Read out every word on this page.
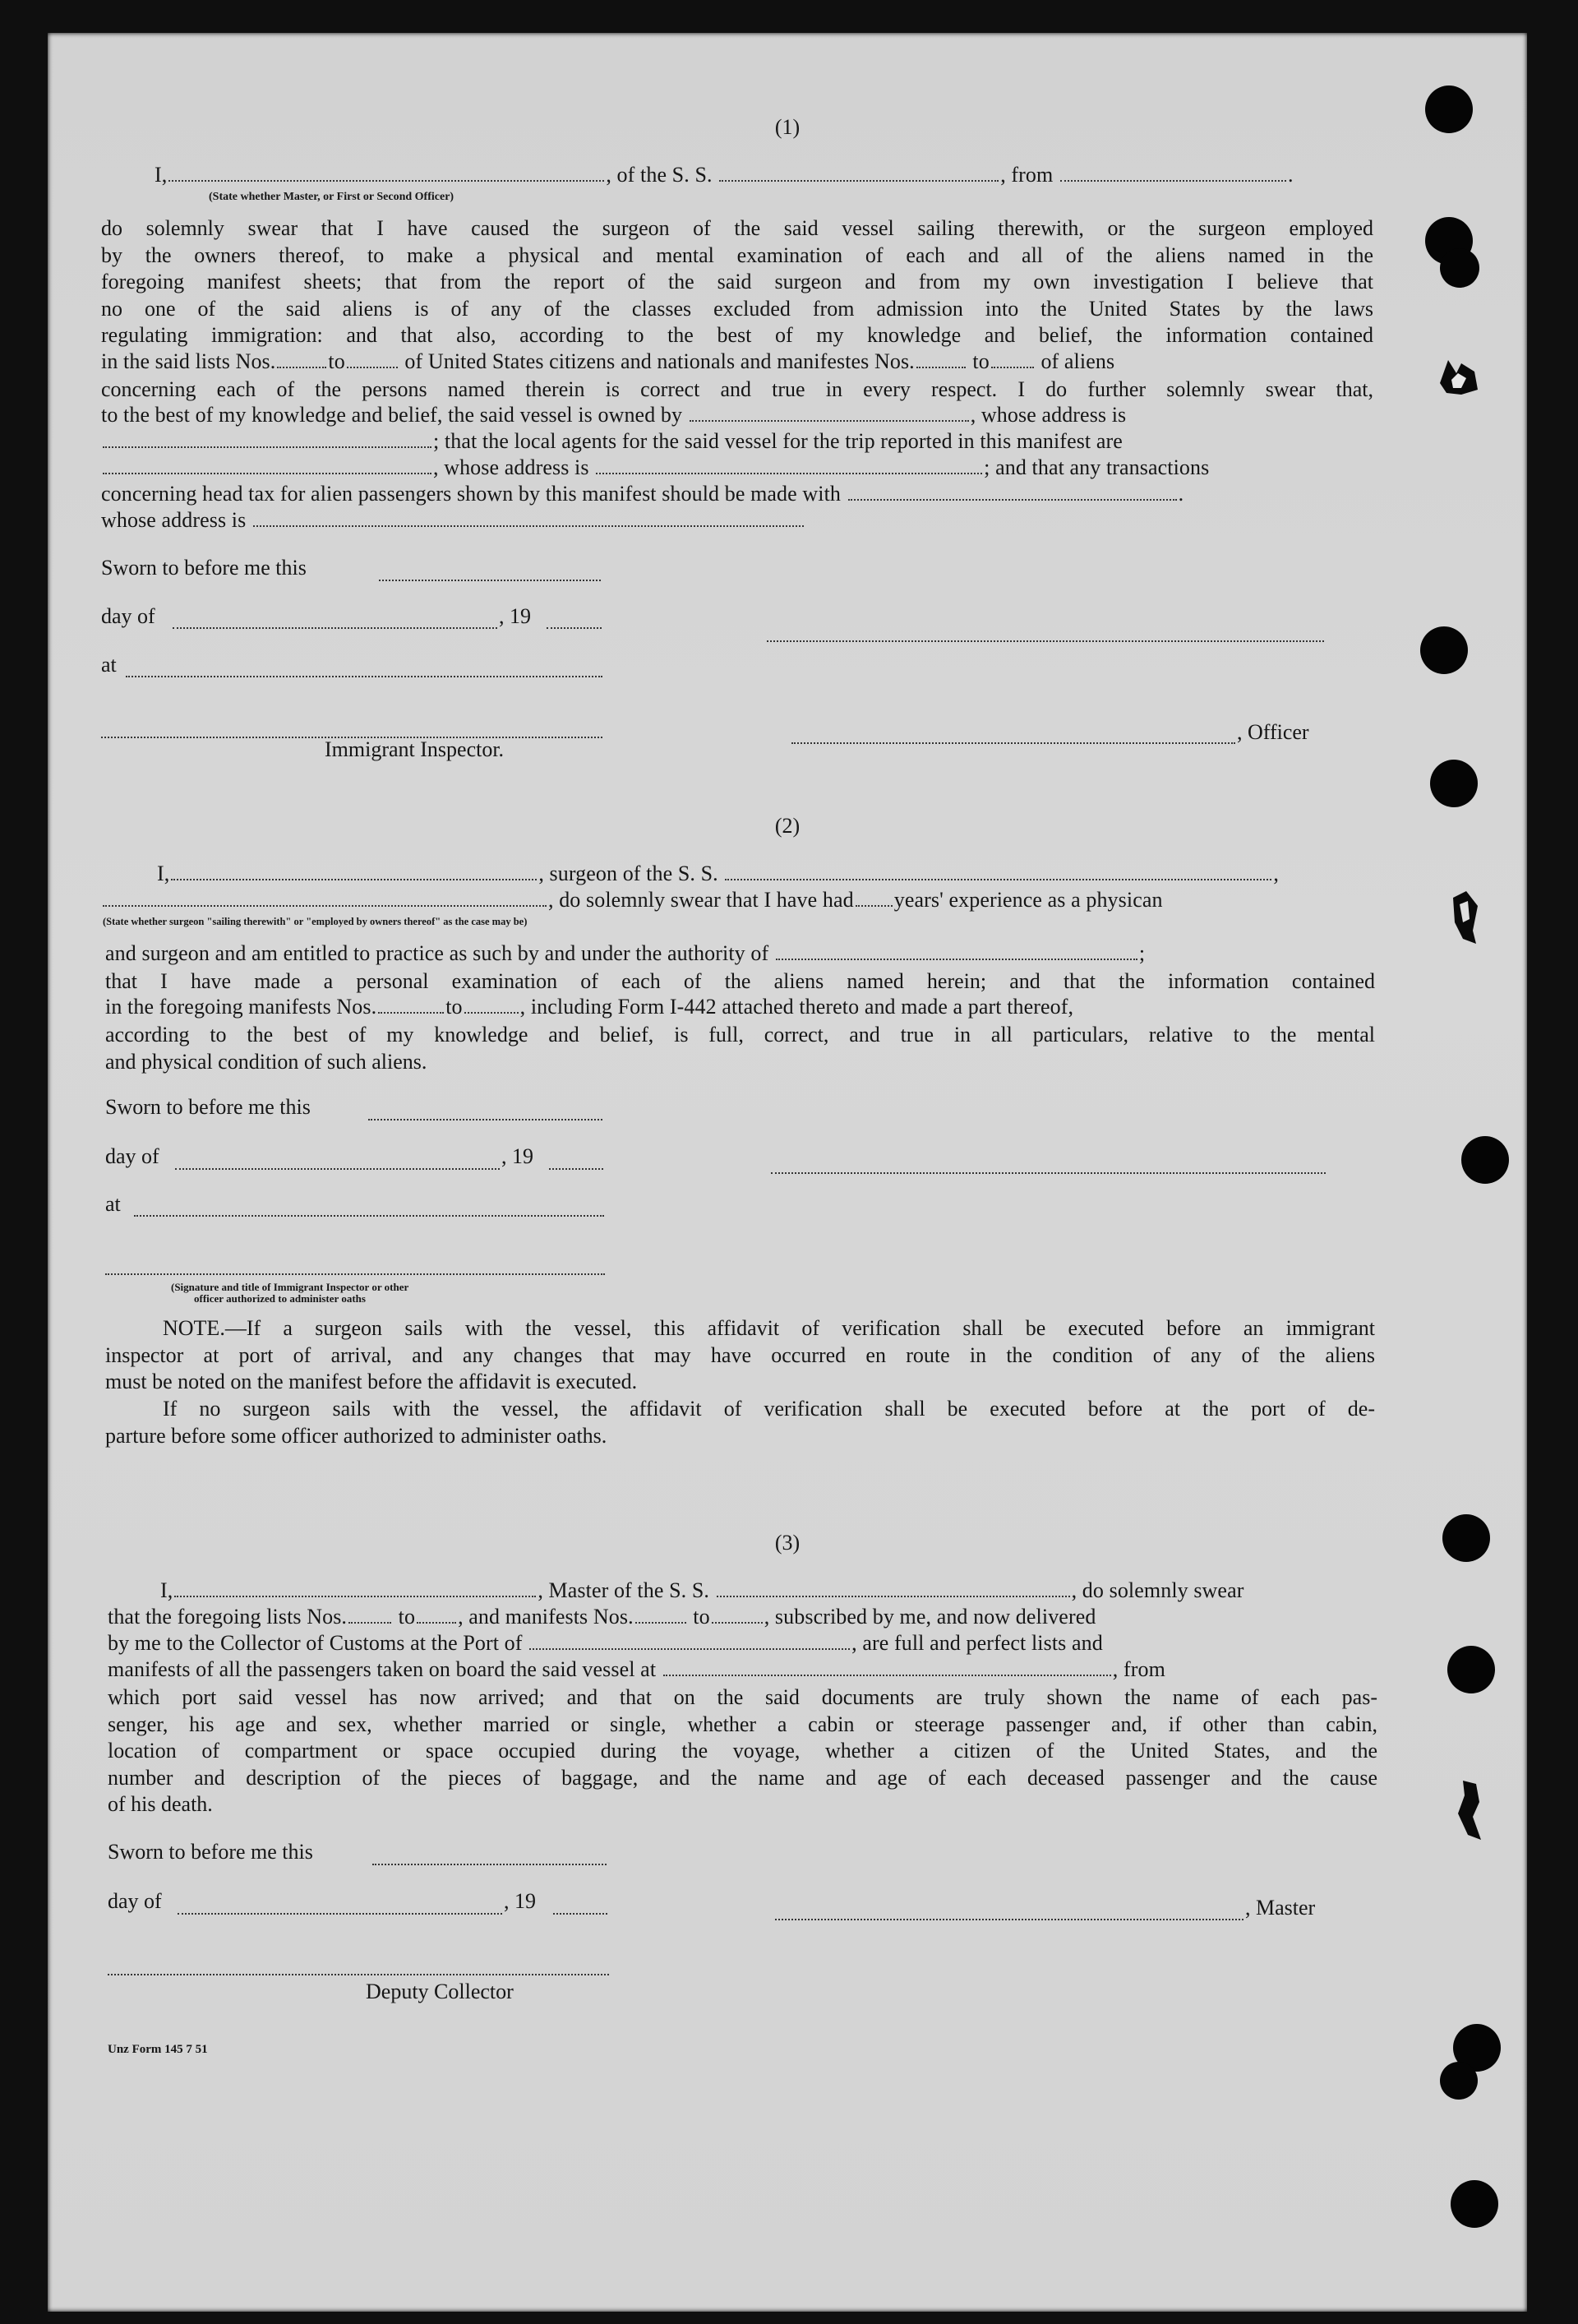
(1)
I,	, of the S. S.	, from	.
(State whether Master, or First or Second Officer)

do solemnly swear that I have caused the surgeon of the said vessel sailing therewith, or the surgeon employed

by the owners thereof, to make a physical and mental examination of each and all of the aliens named in the

foregoing manifest sheets; that from the report of the said surgeon and from my own investigation I believe that

no one of the said aliens is of any of the classes excluded from admission into the United States by the laws

regulating immigration: and that also, according to the best of my knowledge and belief, the information contained

in the said lists Nos. to	of United States citizens and nationals and manifestes Nos.	to of aliens

concerning each of the persons named therein is correct and true in every respect. I do further solemnly swear that,

to the best of my knowledge and belief, the said vessel is owned by	, whose address is
; that the local agents for the said vessel for the trip reported in this manifest are
, whose address is	; and that any transactions
concerning head tax for alien passengers shown by this manifest should be made with	.
whose address is
Sworn to before me this
day of	, 19
at
, Officer
Immigrant Inspector.
(2)
I,	, surgeon of the S. S.	,
, do solemnly swear that I have had years' experience as a physican
(State whether surgeon "sailing therewith" or "employed by owners thereof" as the case may be)
and surgeon and am entitled to practice as such by and under the authority of	;

that I have made a personal examination of each of the aliens named herein; and that the information contained

in the foregoing manifests Nos.	to	, including Form I-442 attached thereto and made a part thereof,

according to the best of my knowledge and belief, is full, correct, and true in all particulars, relative to the mental

and physical condition of such aliens.

Sworn to before me this
day of	, 19
at
(Signature and title of Immigrant Inspector or other
officer authorized to administer oaths

NOTE.—If a surgeon sails with the vessel, this affidavit of verification shall be executed before an immigrant

inspector at port of arrival, and any changes that may have occurred en route in the condition of any of the aliens

must be noted on the manifest before the affidavit is executed.

If no surgeon sails with the vessel, the affidavit of verification shall be executed before at the port of de-

parture before some officer authorized to administer oaths.

(3)
I,	, Master of the S. S.	, do solemnly swear
that the foregoing lists Nos. to , and manifests Nos.	to	, subscribed by me, and now delivered
by me to the Collector of Customs at the Port of	, are full and perfect lists and
manifests of all the passengers taken on board the said vessel at	, from

which port said vessel has now arrived; and that on the said documents are truly shown the name of each pas-

senger, his age and sex, whether married or single, whether a cabin or steerage passenger and, if other than cabin,

location of compartment or space occupied during the voyage, whether a citizen of the United States, and the

number and description of the pieces of baggage, and the name and age of each deceased passenger and the cause

of his death.

Sworn to before me this
day of	, 19	, Master
Deputy Collector
Unz Form 145 7 51
